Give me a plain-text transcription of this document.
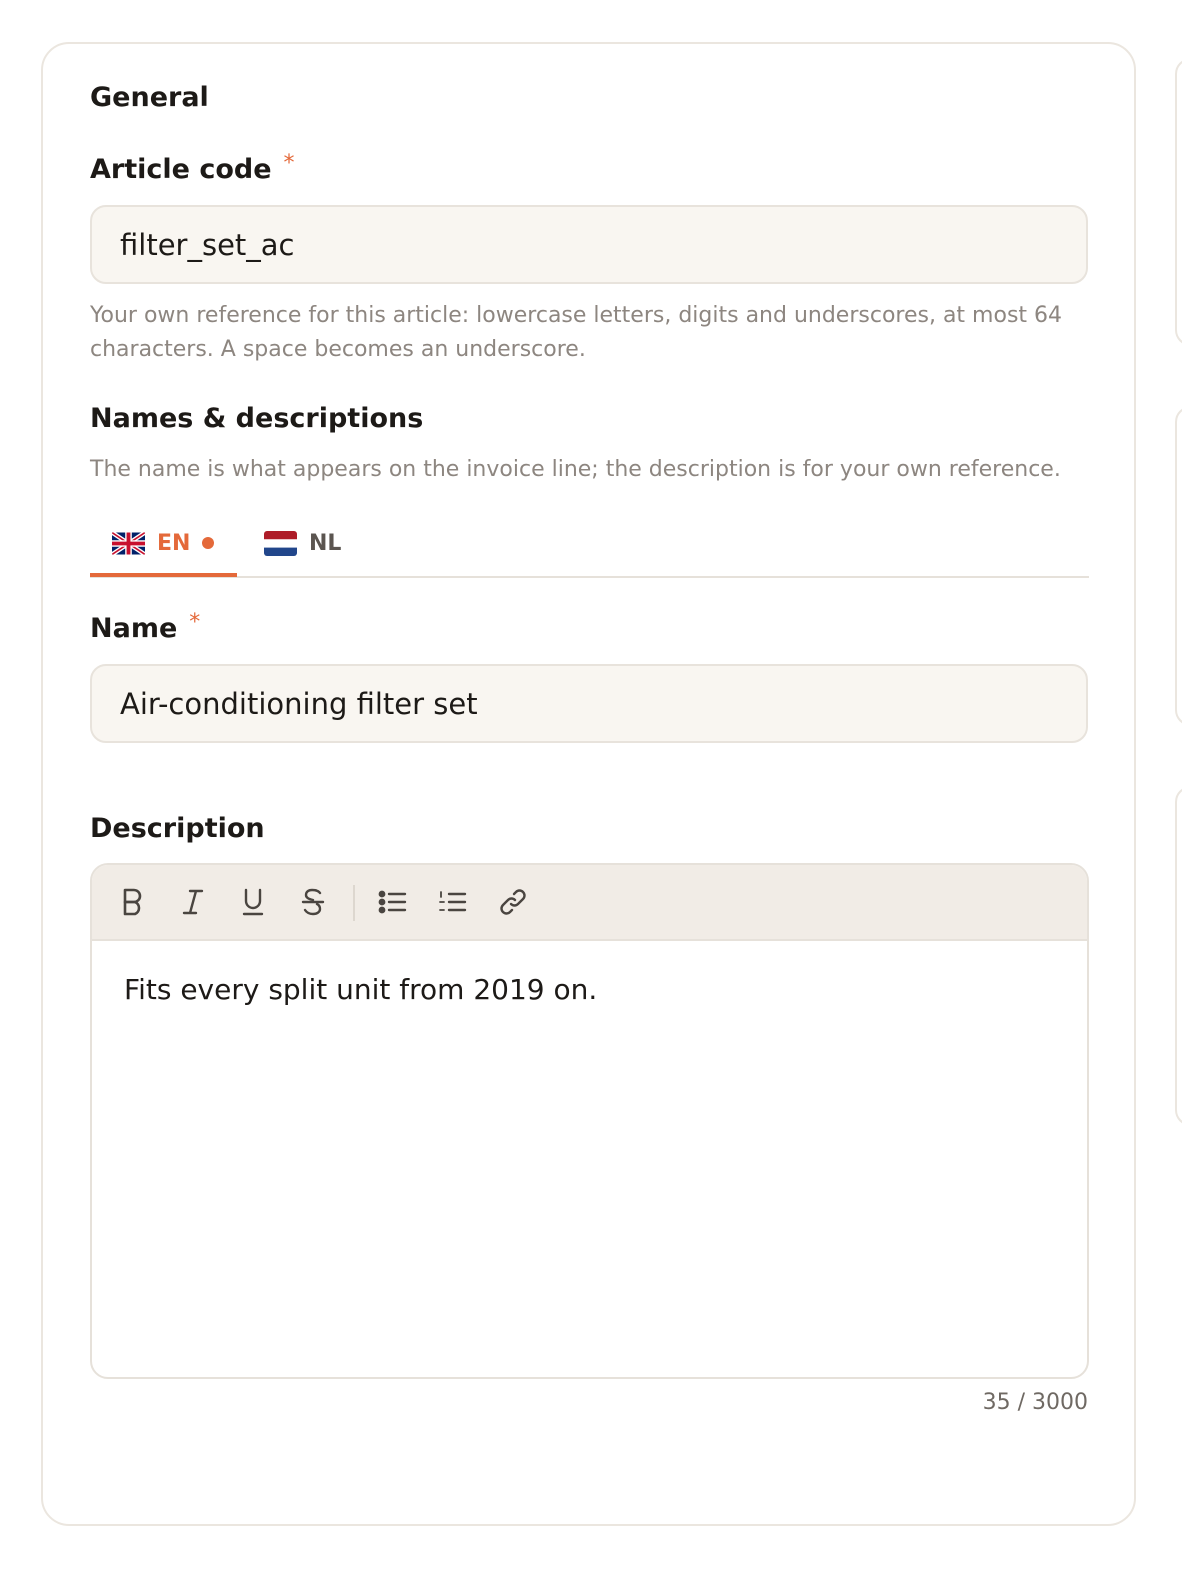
General
Article code *
filter_set_ac
Your own reference for this article: lowercase letters, digits and underscores, at most 64 characters. A space becomes an underscore.
Names & descriptions
The name is what appears on the invoice line; the description is for your own reference.
EN	NL
Name *
Air-conditioning filter set
Description
Fits every split unit from 2019 on.
35 / 3000
